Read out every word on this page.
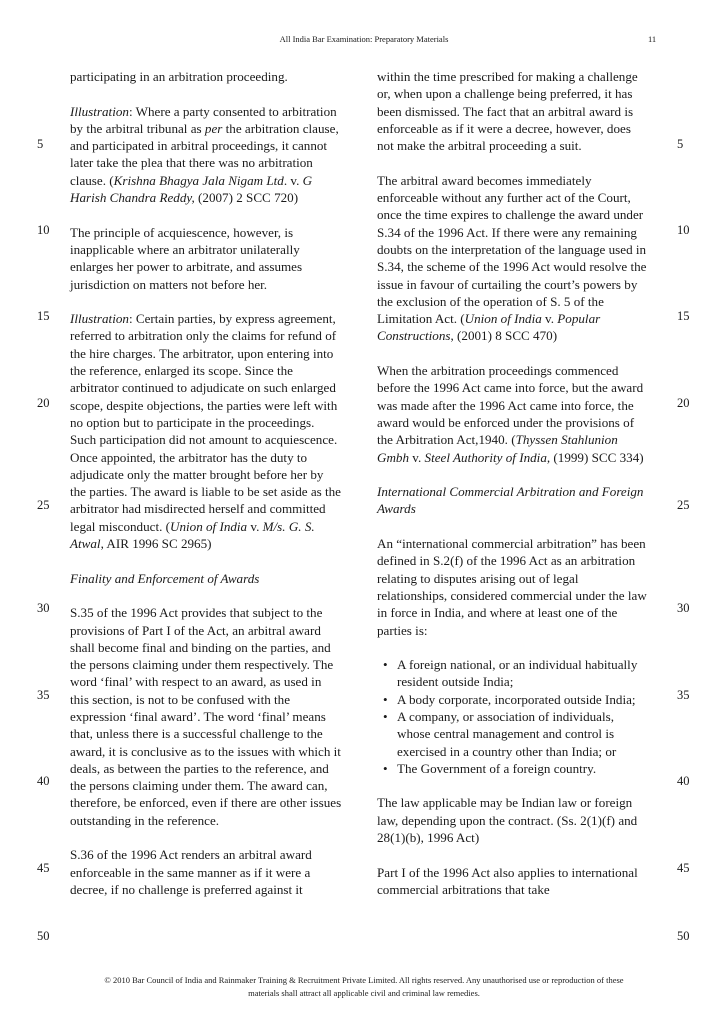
All India Bar Examination: Preparatory Materials	11
5
10
15
20
25
30
35
40
45
50
5
10
15
20
25
30
35
40
45
50

participating in an arbitration proceeding.

Illustration: Where a party consented to arbitration by the arbitral tribunal as per the arbitration clause, and participated in arbitral proceedings, it cannot later take the plea that there was no arbitration clause. (Krishna Bhagya Jala Nigam Ltd. v. G Harish Chandra Reddy, (2007) 2 SCC 720)

The principle of acquiescence, however, is inapplicable where an arbitrator unilaterally enlarges her power to arbitrate, and assumes jurisdiction on matters not before her.

Illustration: Certain parties, by express agreement, referred to arbitration only the claims for refund of the hire charges. The arbitrator, upon entering into the reference, enlarged its scope. Since the arbitrator continued to adjudicate on such enlarged scope, despite objections, the parties were left with no option but to participate in the proceedings. Such participation did not amount to acquiescence. Once appointed, the arbitrator has the duty to adjudicate only the matter brought before her by the parties. The award is liable to be set aside as the arbitrator had misdirected herself and committed legal misconduct. (Union of India v. M/s. G. S. Atwal, AIR 1996 SC 2965)

Finality and Enforcement of Awards

S.35 of the 1996 Act provides that subject to the provisions of Part I of the Act, an arbitral award shall become final and binding on the parties, and the persons claiming under them respectively. The word ‘final’ with respect to an award, as used in this section, is not to be confused with the expression ‘final award’. The word ‘final’ means that, unless there is a successful challenge to the award, it is conclusive as to the issues with which it deals, as between the parties to the reference, and the persons claiming under them. The award can, therefore, be enforced, even if there are other issues outstanding in the reference.

S.36 of the 1996 Act renders an arbitral award enforceable in the same manner as if it were a decree, if no challenge is preferred against it

within the time prescribed for making a challenge or, when upon a challenge being preferred, it has been dismissed. The fact that an arbitral award is enforceable as if it were a decree, however, does not make the arbitral proceeding a suit.

The arbitral award becomes immediately enforceable without any further act of the Court, once the time expires to challenge the award under S.34 of the 1996 Act. If there were any remaining doubts on the interpretation of the language used in S.34, the scheme of the 1996 Act would resolve the issue in favour of curtailing the court’s powers by the exclusion of the operation of S. 5 of the Limitation Act. (Union of India v. Popular Constructions, (2001) 8 SCC 470)

When the arbitration proceedings commenced before the 1996 Act came into force, but the award was made after the 1996 Act came into force, the award would be enforced under the provisions of the Arbitration Act,1940. (Thyssen Stahlunion Gmbh v. Steel Authority of India, (1999) SCC 334)

International Commercial Arbitration and Foreign Awards

An “international commercial arbitration” has been defined in S.2(f) of the 1996 Act as an arbitration relating to disputes arising out of legal relationships, considered commercial under the law in force in India, and where at least one of the parties is:

• A foreign national, or an individual habitually resident outside India;
• A body corporate, incorporated outside India;
• A company, or association of individuals, whose central management and control is exercised in a country other than India; or
• The Government of a foreign country.

The law applicable may be Indian law or foreign law, depending upon the contract. (Ss. 2(1)(f) and 28(1)(b), 1996 Act)

Part I of the 1996 Act also applies to international commercial arbitrations that take

© 2010 Bar Council of India and Rainmaker Training & Recruitment Private Limited. All rights reserved. Any unauthorised use or reproduction of these
materials shall attract all applicable civil and criminal law remedies.
